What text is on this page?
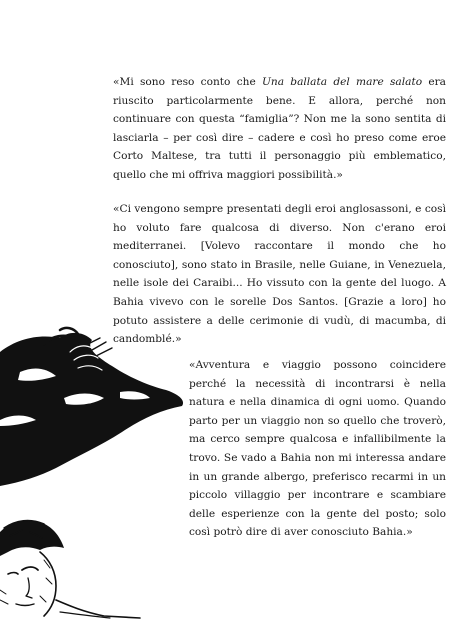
«Mi sono reso conto che Una ballata del mare salato era riuscito particolarmente bene. E allora, perché non continuare con questa “famiglia”? Non me la sono sentita di lasciarla – per così dire – cadere e così ho preso come eroe Corto Maltese, tra tutti il personaggio più emblematico, quello che mi offriva maggiori possibilità.»

«Ci vengono sempre presentati degli eroi anglosassoni, e così ho voluto fare qualcosa di diverso. Non c'erano eroi mediterranei. [Volevo raccontare il mondo che ho conosciuto], sono stato in Brasile, nelle Guiane, in Venezuela, nelle isole dei Caraibi... Ho vissuto con la gente del luogo. A Bahia vivevo con le sorelle Dos Santos. [Grazie a loro] ho potuto assistere a delle cerimonie di vudù, di macumba, di candomblé.»

«Avventura e viaggio possono coincidere perché la necessità di incontrarsi è nella natura e nella dinamica di ogni uomo. Quando parto per un viaggio non so quello che troverò, ma cerco sempre qualcosa e infallibilmente la trovo. Se vado a Bahia non mi interessa andare in un grande albergo, preferisco recarmi in un piccolo villaggio per incontrare e scambiare delle esperienze con la gente del posto; solo così potrò dire di aver conosciuto Bahia.»
